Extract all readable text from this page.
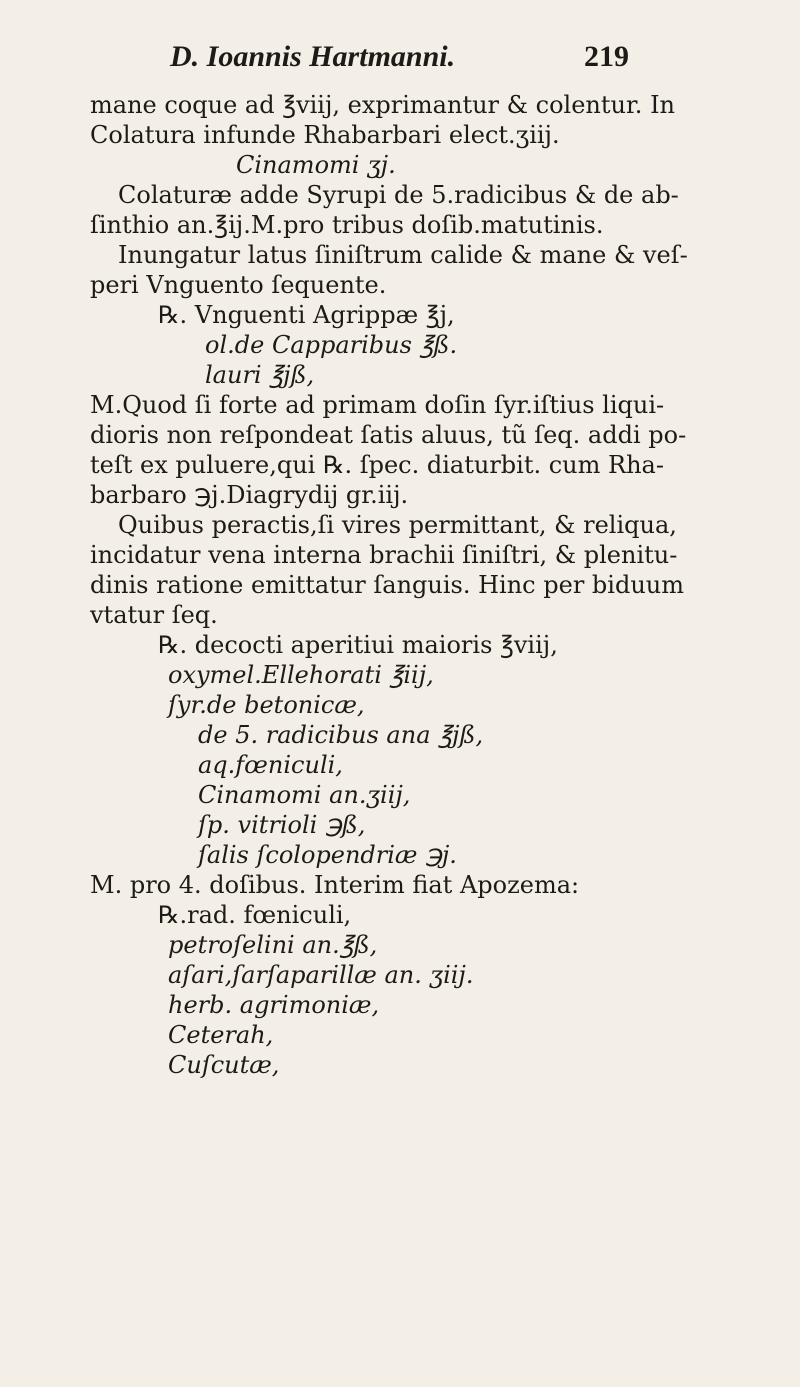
D. Ioannis Hartmanni.	219
mane coque ad ℥viij, exprimantur & colentur. In
Colatura infunde Rhabarbari elect.ʒiij.
Cinamomi ʒj.
Colaturæ adde Syrupi de 5.radicibus & de ab-
ſinthio an.℥ij.M.pro tribus doſib.matutinis.
Inungatur latus ſiniſtrum calide & mane & veſ-
peri Vnguento ſequente.
℞. Vnguenti Agrippæ ℥j,
ol.de Capparibus ℥ß.
lauri ℥jß,
M.Quod ſi forte ad primam doſin ſyr.iſtius liqui-
dioris non reſpondeat ſatis aluus, tũ ſeq. addi po-
teſt ex puluere,qui ℞. ſpec. diaturbit. cum Rha-
barbaro ℈j.Diagrydij gr.iij.
Quibus peractis,ſi vires permittant, & reliqua,
incidatur vena interna brachii ſiniſtri, & plenitu-
dinis ratione emittatur ſanguis. Hinc per biduum
vtatur ſeq.
℞. decocti aperitiui maioris ℥viij,
oxymel.Ellehorati ℥iij,
ſyr.de betonicæ,
de 5. radicibus ana ℥jß,
aq.fœniculi,
Cinamomi an.ʒiij,
ſp. vitrioli ℈ß,
ſalis ſcolopendriæ ℈j.
M. pro 4. doſibus. Interim fiat Apozema:
℞.rad. fœniculi,
petroſelini an.℥ß,
aſari,ſarſaparillæ an. ʒiij.
herb. agrimoniæ,
Ceterah,
Cuſcutæ,
